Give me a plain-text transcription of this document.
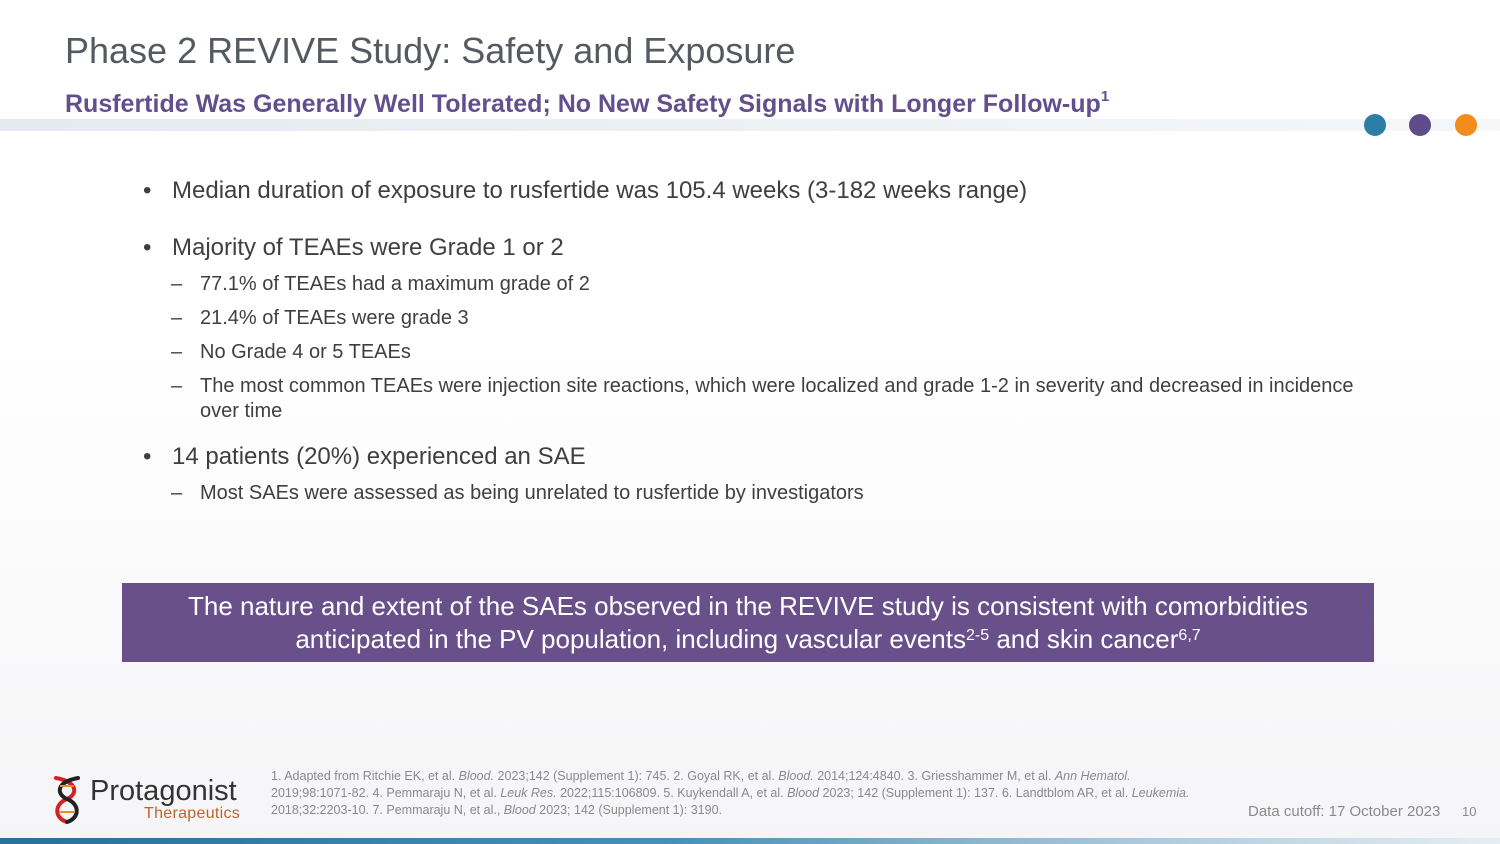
Phase 2 REVIVE Study: Safety and Exposure
Rusfertide Was Generally Well Tolerated; No New Safety Signals with Longer Follow-$up^1$
• Median duration of exposure to rusfertide was 105.4 weeks (3-182 weeks range)
• Majority of TEAEs were Grade 1 or 2
– 77.1% of TEAEs had a maximum grade of 2
– 21.4% of TEAEs were grade 3
– No Grade 4 or 5 TEAEs
– The most common TEAEs were injection site reactions, which were localized and grade 1-2 in severity and decreased in incidence over time
• 14 patients (20%) experienced an SAE
– Most SAEs were assessed as being unrelated to rusfertide by investigators
The nature and extent of the SAEs observed in the REVIVE study is consistent with comorbidities
anticipated in the PV population, including vascular events$^{2-5}$ and skin cancer$^{6,7}$
Protagonist
Therapeutics
1. Adapted from Ritchie EK, et al. Blood. 2023;142 (Supplement 1): 745. 2. Goyal RK, et al. Blood. 2014;124:4840. 3. Griesshammer M, et al. Ann Hematol. 2019;98:1071-82. 4. Pemmaraju N, et al. Leuk Res. 2022;115:106809. 5. Kuykendall A, et al. Blood 2023; 142 (Supplement 1): 137. 6. Landtblom AR, et al. Leukemia. 2018;32:2203-10. 7. Pemmaraju N, et al., Blood 2023; 142 (Supplement 1): 3190.	Data cutoff: 17 October 2023 10
